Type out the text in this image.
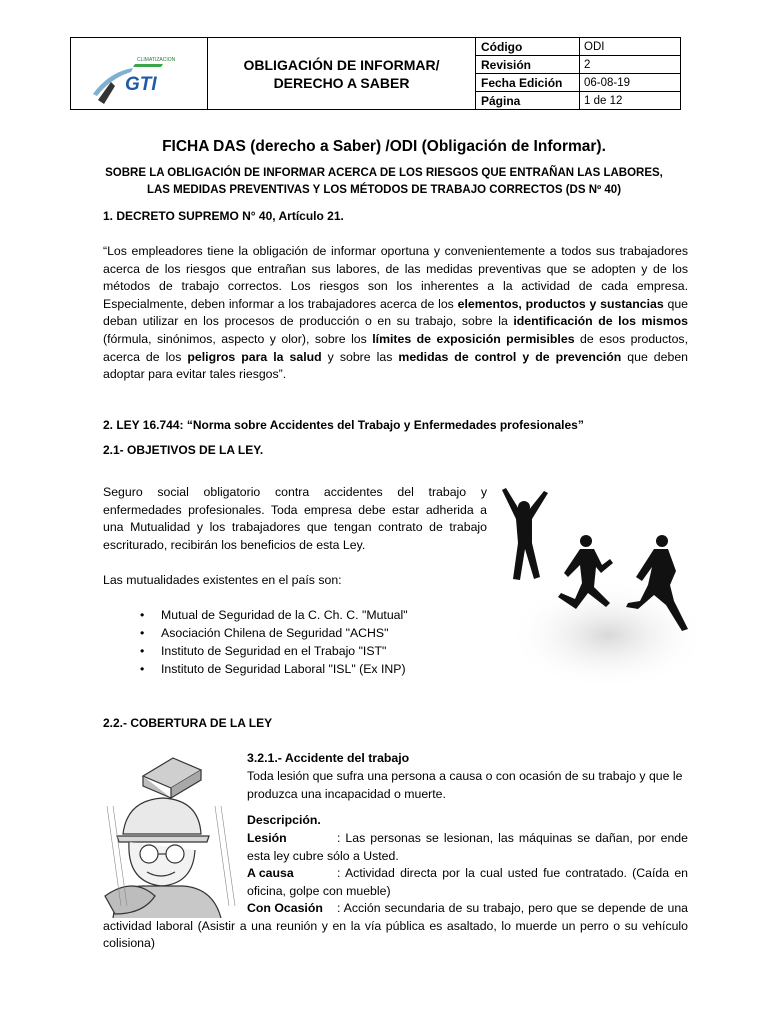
CLIMATIZACION
GTI
OBLIGACIÓN DE INFORMAR/
DERECHO A SABER
Código	ODI
Revisión	2
Fecha Edición	06-08-19
Página	1 de 12
FICHA DAS (derecho a Saber) /ODI (Obligación de Informar).
SOBRE LA OBLIGACIÓN DE INFORMAR ACERCA DE LOS RIESGOS QUE ENTRAÑAN LAS LABORES,
LAS MEDIDAS PREVENTIVAS Y LOS MÉTODOS DE TRABAJO CORRECTOS (DS Nº 40)
1. DECRETO SUPREMO N° 40, Artículo 21.
“Los empleadores tiene la obligación de informar oportuna y convenientemente a todos sus trabajadores acerca de los riesgos que entrañan sus labores, de las medidas preventivas que se adopten y de los métodos de trabajo correctos. Los riesgos son los inherentes a la actividad de cada empresa. Especialmente, deben informar a los trabajadores acerca de los elementos, productos y sustancias que deban utilizar en los procesos de producción o en su trabajo, sobre la identificación de los mismos (fórmula, sinónimos, aspecto y olor), sobre los límites de exposición permisibles de esos productos, acerca de los peligros para la salud y sobre las medidas de control y de prevención que deben adoptar para evitar tales riesgos”.
2. LEY 16.744: “Norma sobre Accidentes del Trabajo y Enfermedades profesionales”
2.1- OBJETIVOS DE LA LEY.
Seguro social obligatorio contra accidentes del trabajo y enfermedades profesionales. Toda empresa debe estar adherida a una Mutualidad y los trabajadores que tengan contrato de trabajo escriturado, recibirán los beneficios de esta Ley.
Las mutualidades existentes en el país son:
• Mutual de Seguridad de la C. Ch. C. "Mutual"
• Asociación Chilena de Seguridad "ACHS"
• Instituto de Seguridad en el Trabajo "IST"
• Instituto de Seguridad Laboral "ISL" (Ex INP)
2.2.- COBERTURA DE LA LEY
3.2.1.- Accidente del trabajo
Toda lesión que sufra una persona a causa o con ocasión de su trabajo y que le produzca una incapacidad o muerte.
Descripción.
Lesión	: Las personas se lesionan, las máquinas se dañan, por ende esta ley cubre sólo a Usted.
A causa	: Actividad directa por la cual usted fue contratado. (Caída en oficina, golpe con mueble)
Con Ocasión : Acción secundaria de su trabajo, pero que se depende de una actividad laboral (Asistir a una reunión y en la vía pública es asaltado, lo muerde un perro o su vehículo colisiona)
